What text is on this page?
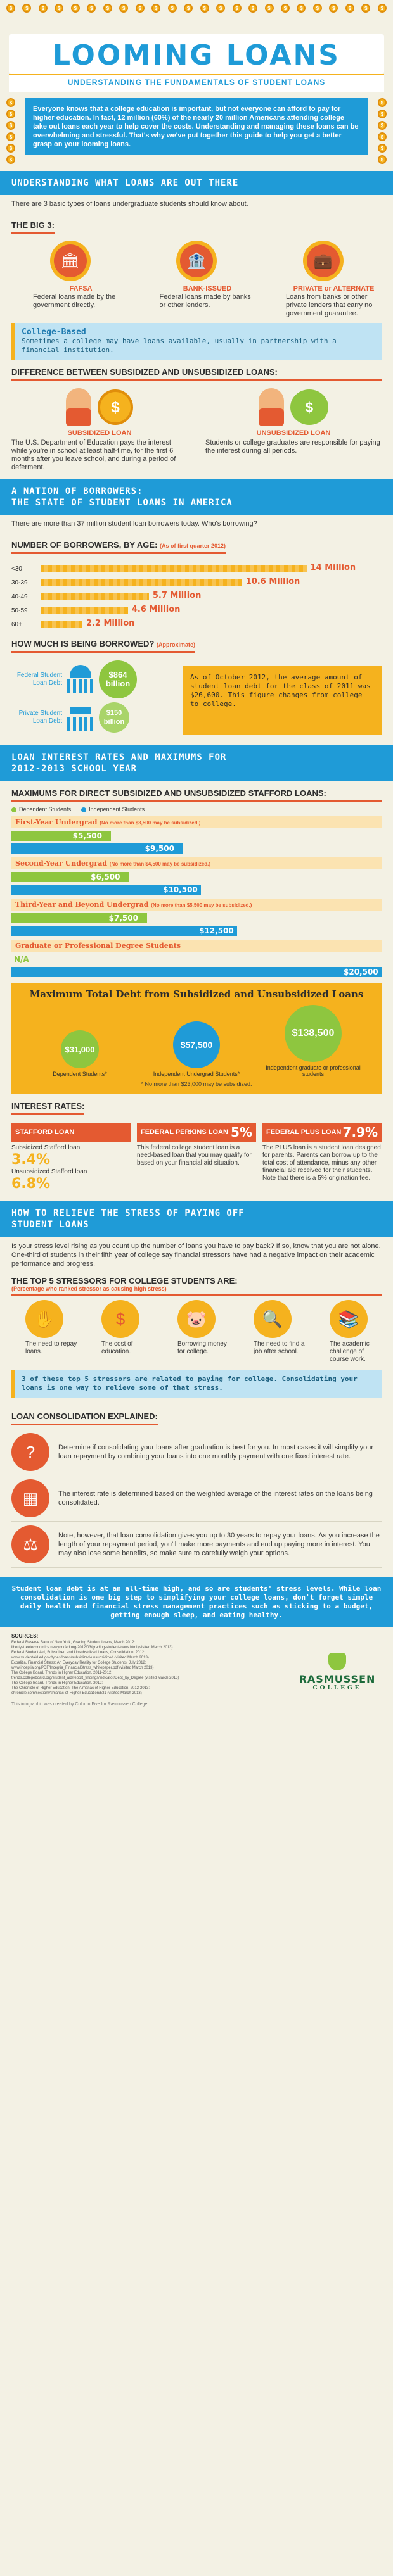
$	$	$	$	$	$	$	$	$	$	$	$	$	$	$	$	$	$	$	$	$	$	$	$
LOOMING LOANS
UNDERSTANDING THE FUNDAMENTALS OF STUDENT LOANS
$
$
$
$
$
$
Everyone knows that a college education is important, but not everyone can afford to pay for higher education. In fact, 12 million (60%) of the nearly 20 million Americans attending college take out loans each year to help cover the costs. Understanding and managing these loans can be overwhelming and stressful. That's why we've put together this guide to help you get a better grasp on your looming loans.
$
$
$
$
$
$
UNDERSTANDING WHAT LOANS ARE OUT THERE
There are 3 basic types of loans undergraduate students should know about.
THE BIG 3:
🏛
FAFSA
Federal loans made by the government directly.
🏦
BANK-ISSUED
Federal loans made by banks or other lenders.
💼
PRIVATE or ALTERNATE
Loans from banks or other private lenders that carry no government guarantee.
College-Based
Sometimes a college may have loans available, usually in partnership with a financial institution.
DIFFERENCE BETWEEN SUBSIDIZED AND UNSUBSIDIZED LOANS:
$
SUBSIDIZED LOAN
The U.S. Department of Education pays the interest while you're in school at least half-time, for the first 6 months after you leave school, and during a period of deferment.
$
UNSUBSIDIZED LOAN
Students or college graduates are responsible for paying the interest during all periods.
A NATION OF BORROWERS:
THE STATE OF STUDENT LOANS IN AMERICA
There are more than 37 million student loan borrowers today. Who's borrowing?
NUMBER OF BORROWERS, BY AGE: (As of first quarter 2012)
<30	14 Million
30-39	10.6 Million
40-49	5.7 Million
50-59	4.6 Million
60+	2.2 Million
HOW MUCH IS BEING BORROWED? (Approximate)
Federal Student Loan Debt
$864 billion
Private Student Loan Debt
$150 billion
As of October 2012, the average amount of student loan debt for the class of 2011 was $26,600. This figure changes from college to college.
LOAN INTEREST RATES AND MAXIMUMS FOR
2012-2013 SCHOOL YEAR
MAXIMUMS FOR DIRECT SUBSIDIZED AND UNSUBSIDIZED STAFFORD LOANS:
Dependent Students	Independent Students
First-Year Undergrad (No more than $3,500 may be subsidized.)
$5,500
$9,500
Second-Year Undergrad (No more than $4,500 may be subsidized.)
$6,500
$10,500
Third-Year and Beyond Undergrad (No more than $5,500 may be subsidized.)
$7,500
$12,500
Graduate or Professional Degree Students
N/A
$20,500
Maximum Total Debt from Subsidized and Unsubsidized Loans
$31,000
Dependent Students*
$57,500
Independent Undergrad Students*
$138,500
Independent graduate or professional students
* No more than $23,000 may be subsidized.
INTEREST RATES:
STAFFORD LOAN
Subsidized Stafford loan
3.4%
Unsubsidized Stafford loan
6.8%
FEDERAL PERKINS LOAN 5%
This federal college student loan is a need-based loan that you may qualify for based on your financial aid situation.
FEDERAL PLUS LOAN 7.9%
The PLUS loan is a student loan designed for parents. Parents can borrow up to the total cost of attendance, minus any other financial aid received for their students. Note that there is a 5% origination fee.
HOW TO RELIEVE THE STRESS OF PAYING OFF
STUDENT LOANS
Is your stress level rising as you count up the number of loans you have to pay back? If so, know that you are not alone. One-third of students in their fifth year of college say financial stressors have had a negative impact on their academic performance and progress.
THE TOP 5 STRESSORS FOR COLLEGE STUDENTS ARE:
(Percentage who ranked stressor as causing high stress)
✋
The need to repay loans.
$
The cost of education.
🐷
Borrowing money for college.
🔍
The need to find a job after school.
📚
The academic challenge of course work.
3 of these top 5 stressors are related to paying for college. Consolidating your loans is one way to relieve some of that stress.
LOAN CONSOLIDATION EXPLAINED:
?	Determine if consolidating your loans after graduation is best for you. In most cases it will simplify your loan repayment by combining your loans into one monthly payment with one fixed interest rate.
▦	The interest rate is determined based on the weighted average of the interest rates on the loans being consolidated.
⚖	Note, however, that loan consolidation gives you up to 30 years to repay your loans. As you increase the length of your repayment period, you'll make more payments and end up paying more in interest. You may also lose some benefits, so make sure to carefully weigh your options.
Student loan debt is at an all-time high, and so are students' stress levels. While loan consolidation is one big step to simplifying your college loans, don't forget simple daily health and financial stress management practices such as sticking to a budget, getting enough sleep, and eating healthy.
SOURCES:
Federal Reserve Bank of New York, Grading Student Loans, March 2012:
libertystreeteconomics.newyorkfed.org/2012/03/grading-student-loans.html (visited March 2013)
Federal Student Aid, Subsidized and Unsubsidized Loans, Consolidation, 2012:
www.studentaid.ed.gov/types/loans/subsidized-unsubsidized (visited March 2013)
Ecoalitia, Financial Stress: An Everyday Reality for College Students, July 2012:
www.inceptia.org/PDF/Inceptia_FinancialStress_whitepaper.pdf (visited March 2013)
The College Board, Trends in Higher Education, 2011-2012:
trends.collegeboard.org/student_aid/report_findings/indicator/Debt_by_Degree (visited March 2013)
The College Board, Trends in Higher Education, 2012:
The Chronicle of Higher Education, The Almanac of Higher Education, 2012-2013:
chronicle.com/section/Almanac-of-Higher-Education/531 (visited March 2013)
RASMUSSEN
COLLEGE
This infographic was created by Column Five for Rasmussen College.
